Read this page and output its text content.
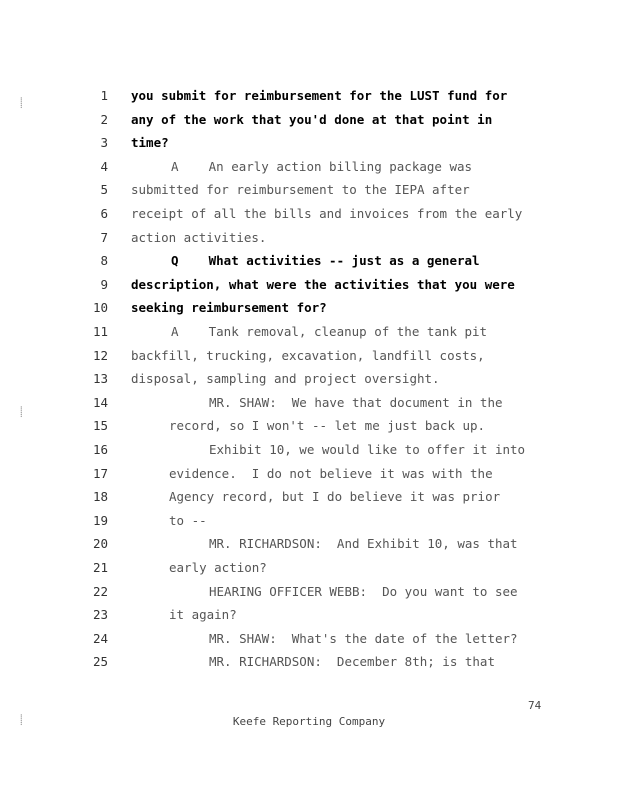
1 you submit for reimbursement for the LUST fund for
2 any of the work that you'd done at that point in
3 time?
4	A    An early action billing package was
5 submitted for reimbursement to the IEPA after
6 receipt of all the bills and invoices from the early
7 action activities.
8	Q    What activities -- just as a general
9 description, what were the activities that you were
10 seeking reimbursement for?
11	A    Tank removal, cleanup of the tank pit
12 backfill, trucking, excavation, landfill costs,
13 disposal, sampling and project oversight.
14	MR. SHAW:  We have that document in the
15	record, so I won't -- let me just back up.
16	Exhibit 10, we would like to offer it into
17	evidence.  I do not believe it was with the
18	Agency record, but I do believe it was prior
19	to --
20	MR. RICHARDSON:  And Exhibit 10, was that
21	early action?
22	HEARING OFFICER WEBB:  Do you want to see
23	it again?
24	MR. SHAW:  What's the date of the letter?
25	MR. RICHARDSON:  December 8th; is that
74
Keefe Reporting Company
⸽
⸽
⸽
